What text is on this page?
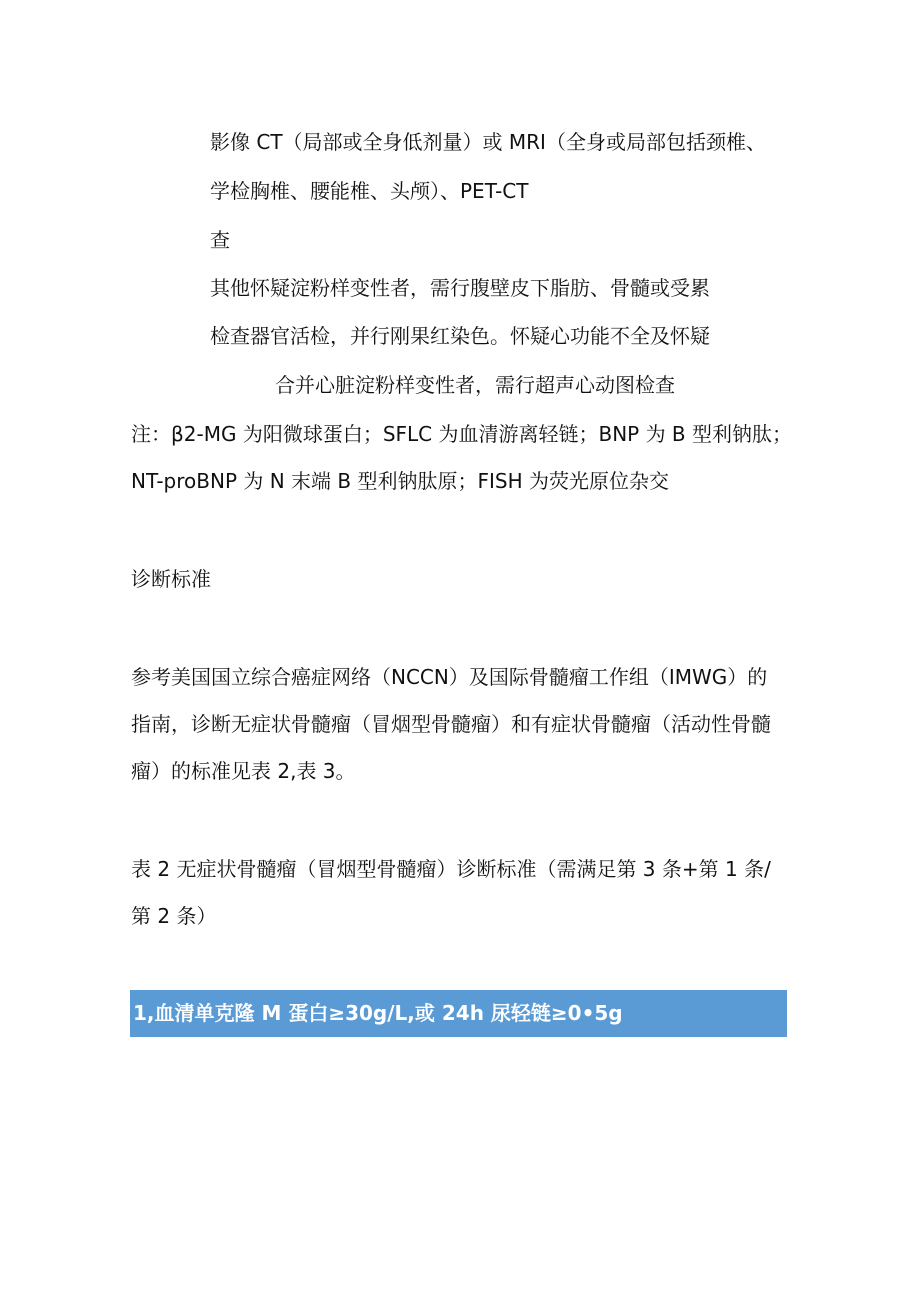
影像 CT（局部或全身低剂量）或 MRI（全身或局部包括颈椎、
学检胸椎、腰能椎、头颅）、PET-CT
查
其他怀疑淀粉样变性者，需行腹壁皮下脂肪、骨髓或受累
检查器官活检，并行刚果红染色。怀疑心功能不全及怀疑
合并心脏淀粉样变性者，需行超声心动图检查
注：β2-MG 为阳微球蛋白；SFLC 为血清游离轻链；BNP 为 B 型利钠肽；
NT-proBNP 为 N 末端 B 型利钠肽原；FISH 为荧光原位杂交
诊断标准
参考美国国立综合癌症网络（NCCN）及国际骨髓瘤工作组（IMWG）的
指南，诊断无症状骨髓瘤（冒烟型骨髓瘤）和有症状骨髓瘤（活动性骨髓
瘤）的标准见表 2,表 3。
表 2 无症状骨髓瘤（冒烟型骨髓瘤）诊断标准（需满足第 3 条+第 1 条/
第 2 条）
1,血清单克隆 M 蛋白≥30g/L,或 24h 尿轻链≥0•5g
